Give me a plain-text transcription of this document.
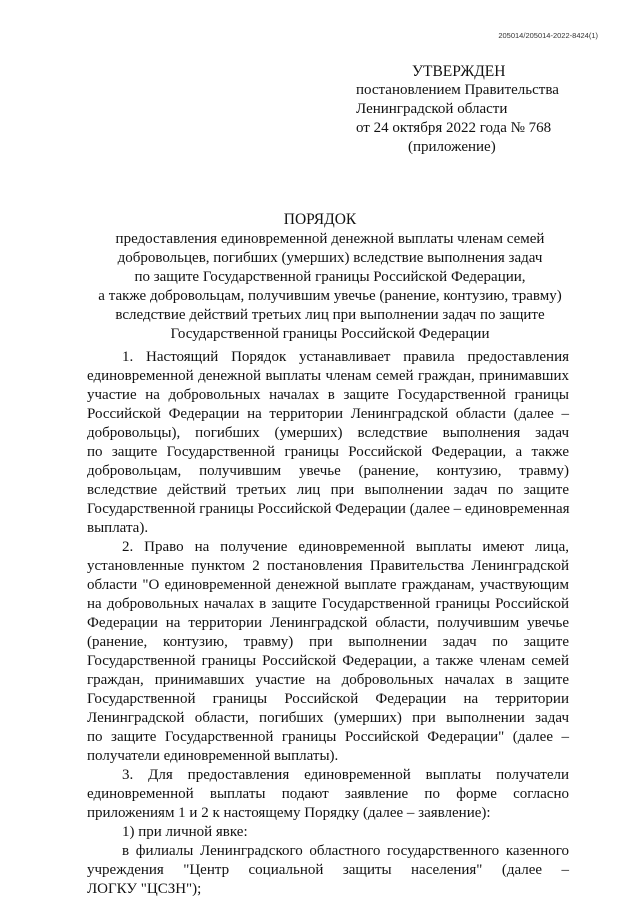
205014/205014-2022-8424(1)
УТВЕРЖДЕН
постановлением Правительства
Ленинградской области
от 24 октября 2022 года № 768
(приложение)
ПОРЯДОК
предоставления единовременной денежной выплаты членам семей
добровольцев, погибших (умерших) вследствие выполнения задач
по защите Государственной границы Российской Федерации,
а также добровольцам, получившим увечье (ранение, контузию, травму)
вследствие действий третьих лиц при выполнении задач по защите
Государственной границы Российской Федерации
1. Настоящий Порядок устанавливает правила предоставления
единовременной денежной выплаты членам семей граждан, принимавших
участие на добровольных началах в защите Государственной границы
Российской Федерации на территории Ленинградской области (далее –
добровольцы), погибших (умерших) вследствие выполнения задач
по защите Государственной границы Российской Федерации, а также
добровольцам, получившим увечье (ранение, контузию, травму)
вследствие действий третьих лиц при выполнении задач по защите
Государственной границы Российской Федерации (далее – единовременная
выплата).
2. Право на получение единовременной выплаты имеют лица,
установленные пунктом 2 постановления Правительства Ленинградской
области "О единовременной денежной выплате гражданам, участвующим
на добровольных началах в защите Государственной границы Российской
Федерации на территории Ленинградской области, получившим увечье
(ранение, контузию, травму) при выполнении задач по защите
Государственной границы Российской Федерации, а также членам семей
граждан, принимавших участие на добровольных началах в защите
Государственной границы Российской Федерации на территории
Ленинградской области, погибших (умерших) при выполнении задач
по защите Государственной границы Российской Федерации" (далее –
получатели единовременной выплаты).
3. Для предоставления единовременной выплаты получатели
единовременной выплаты подают заявление по форме согласно
приложениям 1 и 2 к настоящему Порядку (далее – заявление):
1) при личной явке:
в филиалы Ленинградского областного государственного казенного
учреждения "Центр социальной защиты населения" (далее –
ЛОГКУ "ЦСЗН");
